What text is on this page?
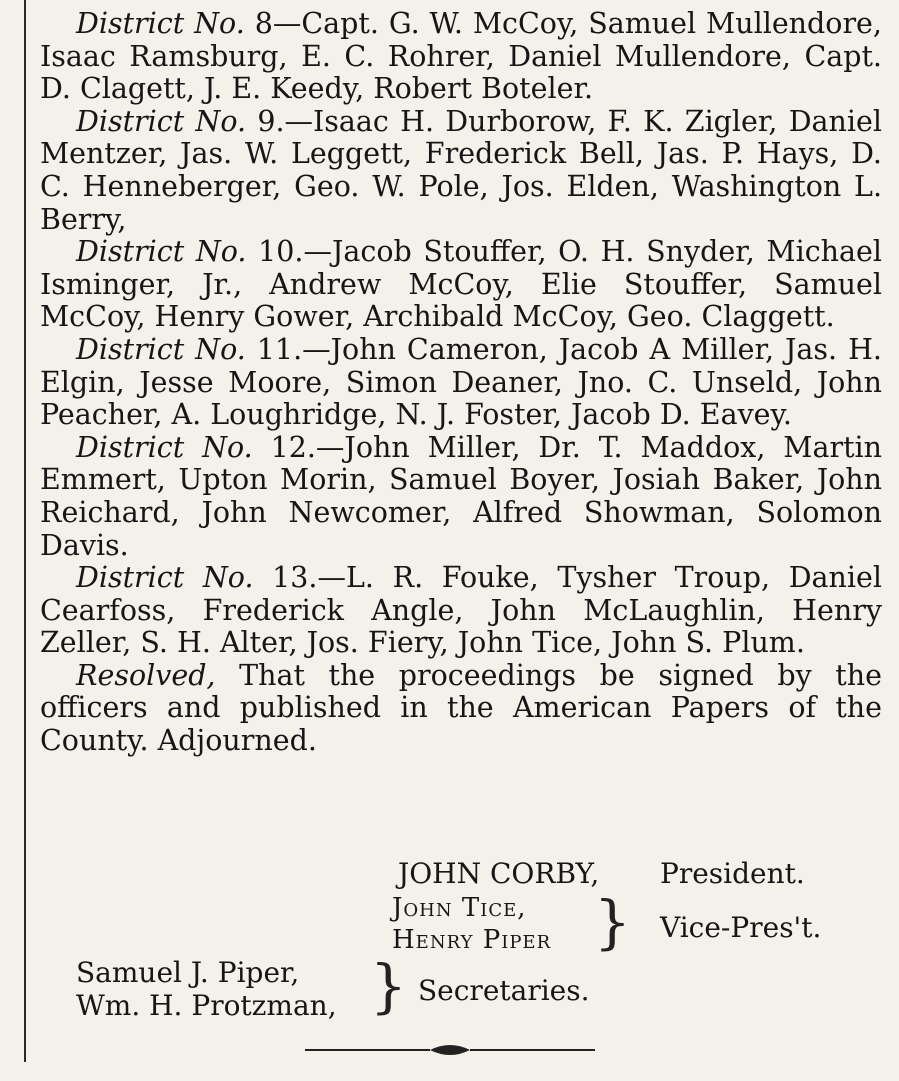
District No. 8—Capt. G. W. McCoy, Samuel Mullendore, Isaac Ramsburg, E. C. Rohrer, Daniel Mullendore, Capt. D. Clagett, J. E. Keedy, Robert Boteler.

District No. 9.—Isaac H. Durborow, F. K. Zigler, Daniel Mentzer, Jas. W. Leggett, Frederick Bell, Jas. P. Hays, D. C. Henneberger, Geo. W. Pole, Jos. Elden, Washington L. Berry,

District No. 10.—Jacob Stouffer, O. H. Snyder, Michael Isminger, Jr., Andrew McCoy, Elie Stouffer, Samuel McCoy, Henry Gower, Archibald McCoy, Geo. Claggett.

District No. 11.—John Cameron, Jacob A Miller, Jas. H. Elgin, Jesse Moore, Simon Deaner, Jno. C. Unseld, John Peacher, A. Loughridge, N. J. Foster, Jacob D. Eavey.

District No. 12.—John Miller, Dr. T. Maddox, Martin Emmert, Upton Morin, Samuel Boyer, Josiah Baker, John Reichard, John Newcomer, Alfred Showman, Solomon Davis.

District No. 13.—L. R. Fouke, Tysher Troup, Daniel Cearfoss, Frederick Angle, John McLaughlin, Henry Zeller, S. H. Alter, Jos. Fiery, John Tice, John S. Plum.

Resolved, That the proceedings be signed by the officers and published in the American Papers of the County. Adjourned.

JOHN CORBY, President.
John Tice,
Henry Piper } Vice-Pres't.
Samuel J. Piper,
Wm. H. Protzman, } Secretaries.
